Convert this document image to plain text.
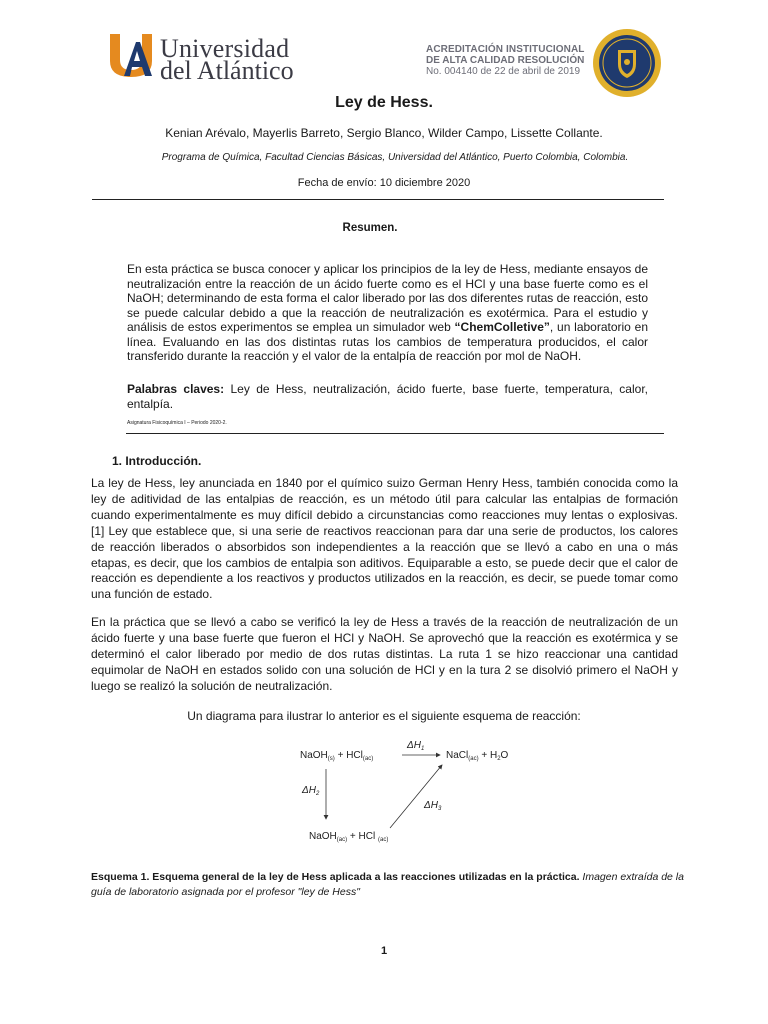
Universidad
del Atlántico
ACREDITACIÓN INSTITUCIONAL
DE ALTA CALIDAD RESOLUCIÓN
No. 004140 de 22 de abril de 2019
Ley de Hess.
Kenian Arévalo, Mayerlis Barreto, Sergio Blanco, Wilder Campo, Lissette Collante.
Programa de Química, Facultad Ciencias Básicas, Universidad del Atlántico, Puerto Colombia, Colombia.
Fecha de envío: 10 diciembre 2020
Resumen.
En esta práctica se busca conocer y aplicar los principios de la ley de Hess, mediante ensayos de neutralización entre la reacción de un ácido fuerte como es el HCl y una base fuerte como es el NaOH; determinando de esta forma el calor liberado por las dos diferentes rutas de reacción, esto se puede calcular debido a que la reacción de neutralización es exotérmica. Para el estudio y análisis de estos experimentos se emplea un simulador web “ChemColletive”, un laboratorio en línea. Evaluando en las dos distintas rutas los cambios de temperatura producidos, el calor transferido durante la reacción y el valor de la entalpía de reacción por mol de NaOH.
Palabras claves: Ley de Hess, neutralización, ácido fuerte, base fuerte, temperatura, calor, entalpía.
Asignatura Fisicoquímica I – Periodo 2020-2.
1. Introducción.
La ley de Hess, ley anunciada en 1840 por el químico suizo German Henry Hess, también conocida como la ley de aditividad de las entalpias de reacción, es un método útil para calcular las entalpias de formación cuando experimentalmente es muy difícil debido a circunstancias como reacciones muy lentas o explosivas. [1] Ley que establece que, si una serie de reactivos reaccionan para dar una serie de productos, los calores de reacción liberados o absorbidos son independientes a la reacción que se llevó a cabo en una o más etapas, es decir, que los cambios de entalpia son aditivos. Equiparable a esto, se puede decir que el calor de reacción es dependiente a los reactivos y productos utilizados en la reacción, es decir, se puede tomar como una función de estado.
En la práctica que se llevó a cabo se verificó la ley de Hess a través de la reacción de neutralización de un ácido fuerte y una base fuerte que fueron el HCl y NaOH. Se aprovechó que la reacción es exotérmica y se determinó el calor liberado por medio de dos rutas distintas. La ruta 1 se hizo reaccionar una cantidad equimolar de NaOH en estados solido con una solución de HCl y en la tura 2 se disolvió primero el NaOH y luego se realizó la solución de neutralización.
Un diagrama para ilustrar lo anterior es el siguiente esquema de reacción:
NaOH$_{(s)}$ + HCl$_{(ac)}$	NaCl$_{(ac)}$ + $H_2O$
NaOH$_{(ac)}$ + HCl $_{(ac)}$
$\Delta H_1$
$\Delta H_2$
$\Delta H_3$
Esquema 1. Esquema general de la ley de Hess aplicada a las reacciones utilizadas en la práctica. Imagen extraída de la guía de laboratorio asignada por el profesor "ley de Hess"
1
